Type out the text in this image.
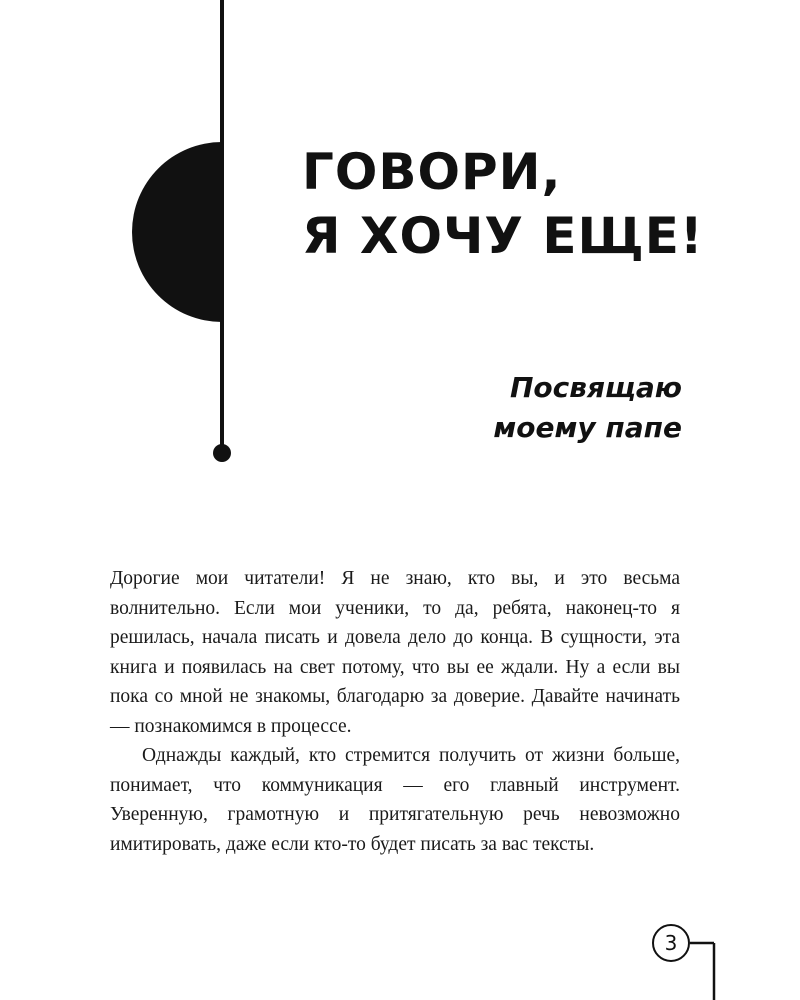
ГОВОРИ,
Я ХОЧУ ЕЩЕ!
Посвящаю
моему папе

Дорогие мои читатели! Я не знаю, кто вы, и это весьма волнительно. Если мои ученики, то да, ребята, наконец-то я решилась, начала писать и довела дело до конца. В сущности, эта книга и появилась на свет потому, что вы ее ждали. Ну а если вы пока со мной не знакомы, благодарю за доверие. Давайте начинать — познакомимся в процессе.

Однажды каждый, кто стремится получить от жизни больше, понимает, что коммуникация — его главный инструмент. Уверенную, грамотную и притягательную речь невозможно имитировать, даже если кто-то будет писать за вас тексты.

3
